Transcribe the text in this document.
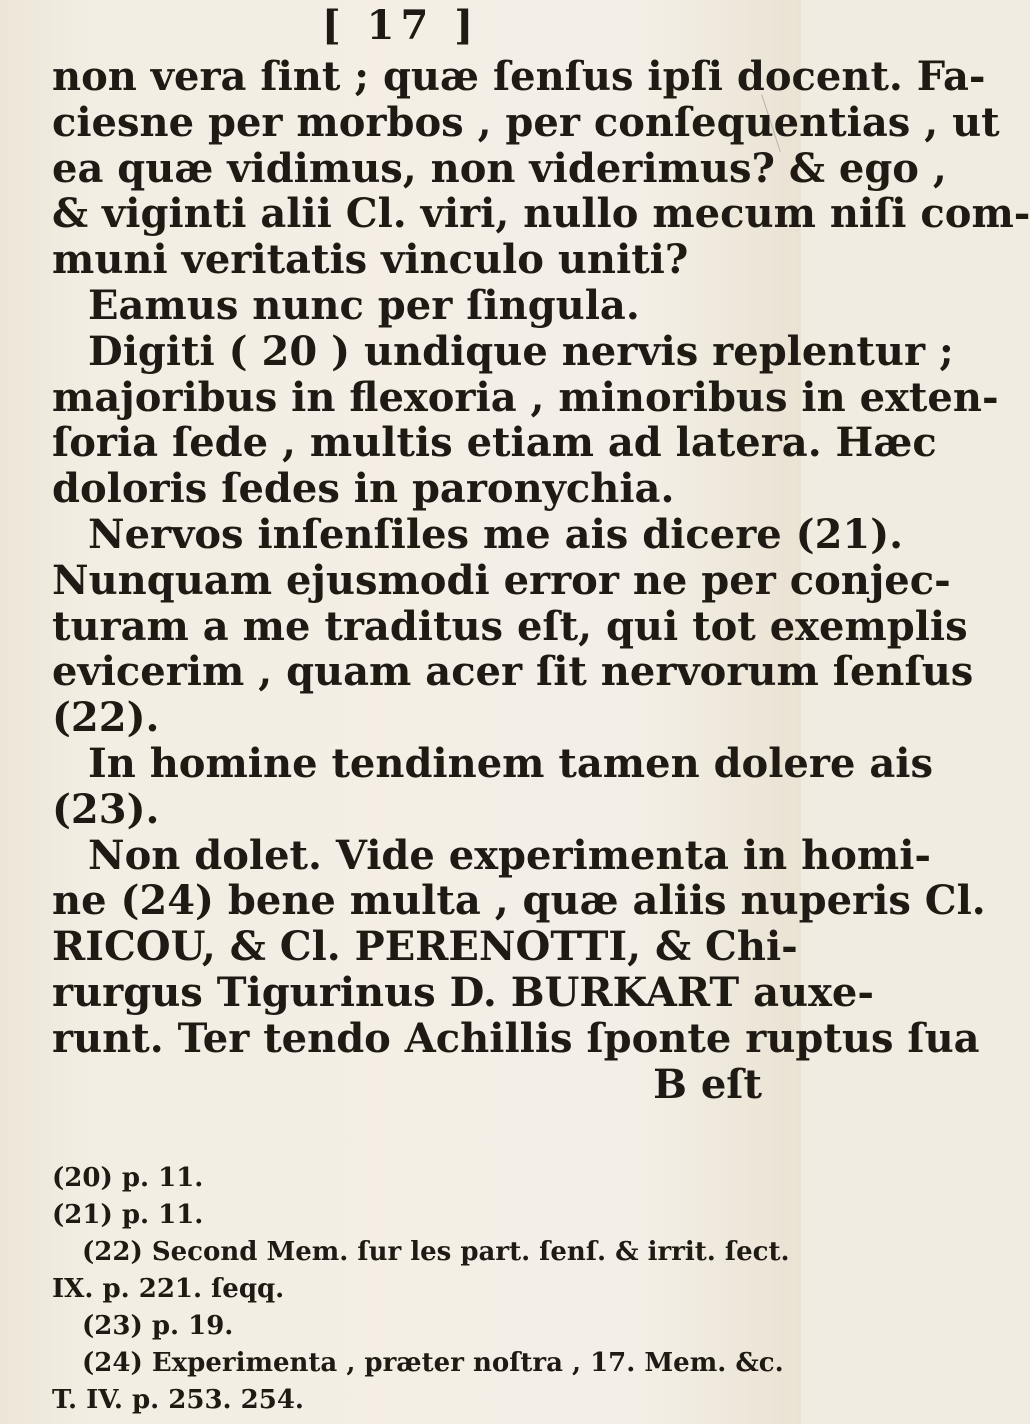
[ 17 ]
non vera ſint ; quæ ſenſus ipſi docent. Fa-
ciesne per morbos , per conſequentias , ut
ea quæ vidimus, non viderimus? & ego ,
& viginti alii Cl. viri, nullo mecum niſi com-
muni veritatis vinculo uniti?
Eamus nunc per ſingula.
Digiti ( 20 ) undique nervis replentur ;
majoribus in flexoria , minoribus in exten-
ſoria ſede , multis etiam ad latera. Hæc
doloris ſedes in paronychia.
Nervos inſenſiles me ais dicere (21).
Nunquam ejusmodi error ne per conjec-
turam a me traditus eſt, qui tot exemplis
evicerim , quam acer ſit nervorum ſenſus
(22).
In homine tendinem tamen dolere ais
(23).
Non dolet. Vide experimenta in homi-
ne (24) bene multa , quæ aliis nuperis Cl.
RICOU, & Cl. PERENOTTI, & Chi-
rurgus Tigurinus D. BURKART auxe-
runt. Ter tendo Achillis ſponte ruptus ſua
B eſt
(20) p. 11.
(21) p. 11.
(22) Second Mem. ſur les part. ſenſ. & irrit. ſect.
IX. p. 221. ſeqq.
(23) p. 19.
(24) Experimenta , præter noſtra , 17. Mem. &c.
T. IV. p. 253. 254.
